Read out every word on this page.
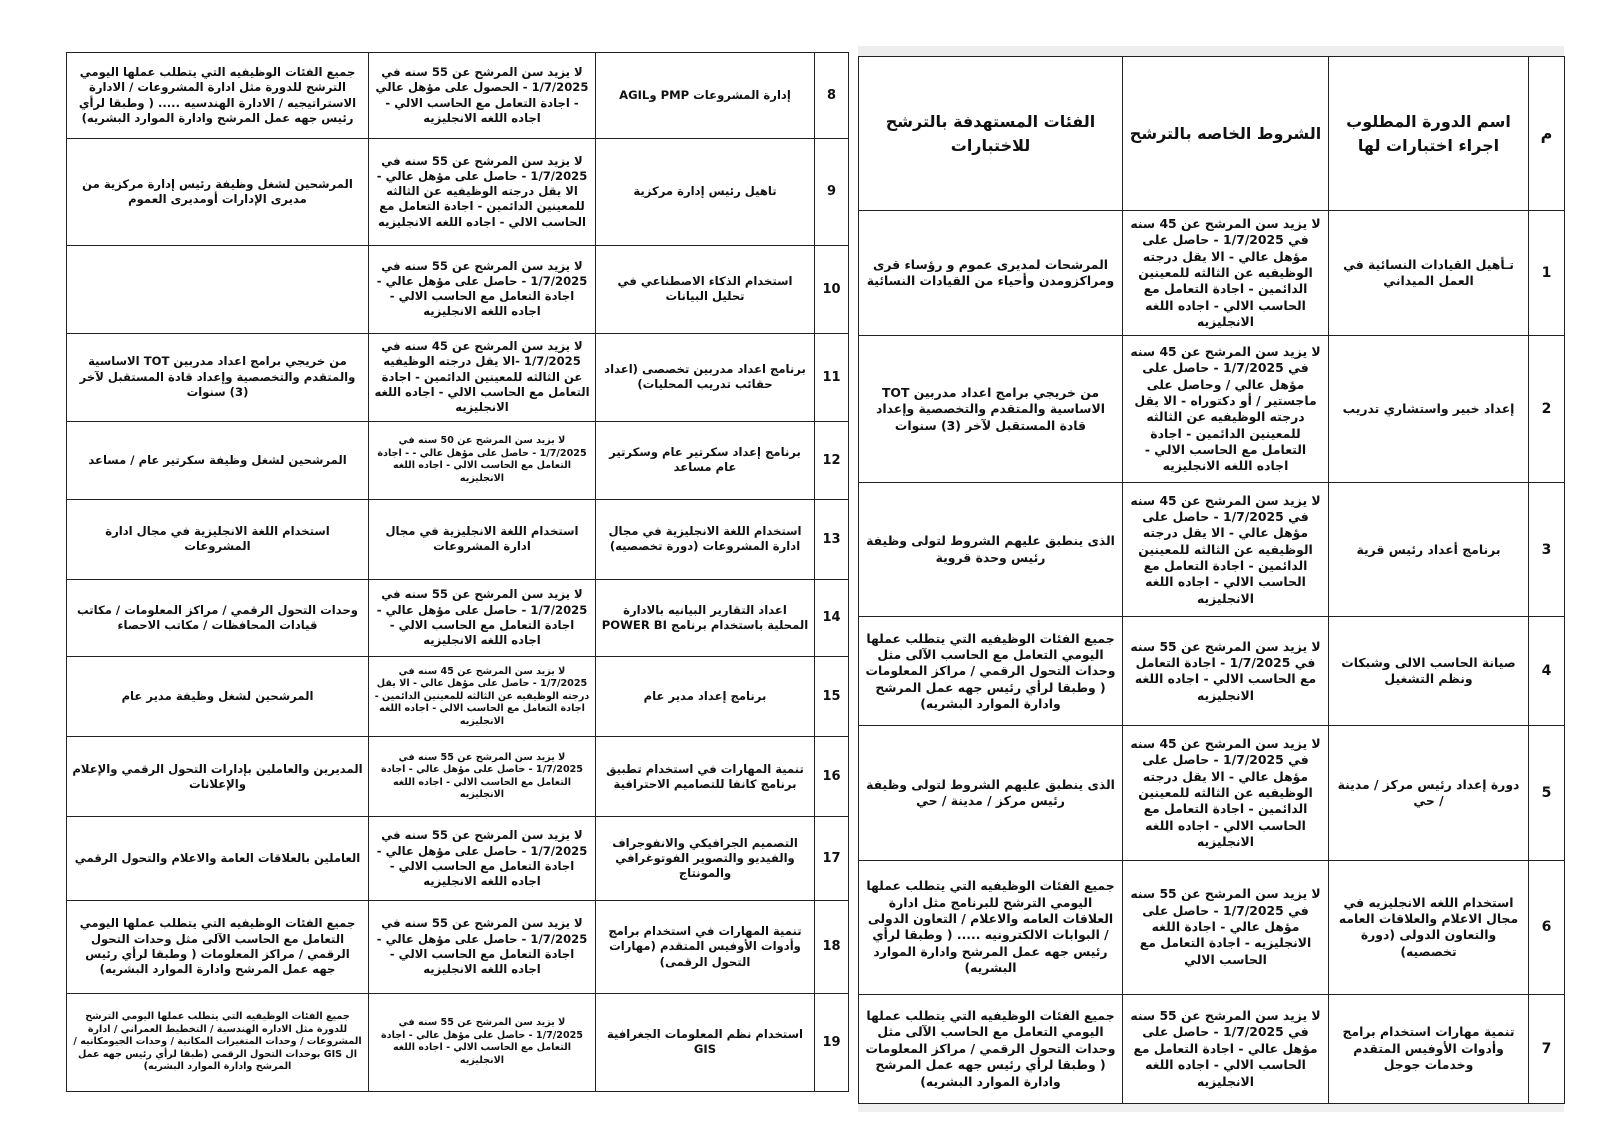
8	إدارة المشروعات PMP وAGIL	لا يزيد سن المرشح عن 55 سنه في 1/7/2025 - الحصول على مؤهل عالي - اجادة التعامل مع الحاسب الالي - اجاده اللغه الانجليزيه	جميع الفئات الوظيفيه التي يتطلب عملها اليومي الترشح للدورة مثل ادارة المشروعات / الادارة الاستراتيجيه / الادارة الهندسيه ..... ( وطبقا لرأي رئيس جهه عمل المرشح وادارة الموارد البشريه)
9	تاهيل رئيس إدارة مركزية	لا يزيد سن المرشح عن 55 سنه في 1/7/2025 - حاصل على مؤهل عالي - الا يقل درجته الوظيفيه عن الثالثه للمعينين الدائمين - اجادة التعامل مع الحاسب الالي - اجاده اللغه الانجليزيه	المرشحين لشغل وظيفة رئيس إدارة مركزية من مديرى الإدارات أومديرى العموم
10	استخدام الذكاء الاصطناعي في تحليل البيانات	لا يزيد سن المرشح عن 55 سنه في 1/7/2025 - حاصل على مؤهل عالي - اجادة التعامل مع الحاسب الالي - اجاده اللغه الانجليزيه	
11	برنامج اعداد مدربين تخصصى (اعداد حقائب تدريب المحليات)	لا يزيد سن المرشح عن 45 سنه في 1/7/2025 -الا يقل درجته الوظيفيه عن الثالثه للمعينين الدائمين - اجادة التعامل مع الحاسب الالي - اجاده اللغه الانجليزيه	من خريجي برامج اعداد مدربين TOT الاساسية والمتقدم والتخصصية وإعداد قادة المستقبل لآخر (3) سنوات
12	برنامج إعداد سكرتير عام وسكرتير عام مساعد	لا يزيد سن المرشح عن 50 سنه في 1/7/2025 - حاصل على مؤهل عالي - - اجادة التعامل مع الحاسب الالي - اجاده اللغه الانجليزيه	المرشحين لشغل وظيفة سكرتير عام / مساعد
13	استخدام اللغة الانجليزية في مجال ادارة المشروعات (دورة تخصصيه)	استخدام اللغة الانجليزية في مجال ادارة المشروعات	استخدام اللغة الانجليزية في مجال ادارة المشروعات
14	اعداد التقارير البيانيه بالادارة المحلية باستخدام برنامج POWER BI	لا يزيد سن المرشح عن 55 سنه في 1/7/2025 - حاصل على مؤهل عالي - اجادة التعامل مع الحاسب الالي - اجاده اللغه الانجليزيه	وحدات التحول الرقمي / مراكز المعلومات / مكاتب قيادات المحافظات / مكاتب الاحصاء
15	برنامج إعداد مدير عام	لا يزيد سن المرشح عن 45 سنه في 1/7/2025 - حاصل على مؤهل عالي - الا يقل درجته الوظيفيه عن الثالثه للمعينين الدائمين - اجادة التعامل مع الحاسب الالي - اجاده اللغه الانجليزيه	المرشحين لشغل وظيفة مدير عام
16	تنمية المهارات في استخدام تطبيق برنامج كانفا للتصاميم الاحترافية	لا يزيد سن المرشح عن 55 سنه في 1/7/2025 - حاصل على مؤهل عالي - اجادة التعامل مع الحاسب الالي - اجاده اللغه الانجليزيه	المديرين والعاملين بإدارات التحول الرقمي والإعلام والإعلانات
17	التصميم الجرافيكي والانفوجراف والفيديو والتصوير الفوتوغرافي والمونتاج	لا يزيد سن المرشح عن 55 سنه في 1/7/2025 - حاصل على مؤهل عالي - اجادة التعامل مع الحاسب الالي - اجاده اللغه الانجليزيه	العاملين بالعلاقات العامة والاعلام والتحول الرقمي
18	تنمية المهارات في استخدام برامج وأدوات الأوفيس المتقدم (مهارات التحول الرقمى)	لا يزيد سن المرشح عن 55 سنه في 1/7/2025 - حاصل على مؤهل عالي - اجادة التعامل مع الحاسب الالي - اجاده اللغه الانجليزيه	جميع الفئات الوظيفيه التي يتطلب عملها اليومي التعامل مع الحاسب الآلى مثل وحدات التحول الرقمي / مراكز المعلومات ( وطبقا لرأي رئيس جهه عمل المرشح وادارة الموارد البشريه)
19	استخدام نظم المعلومات الجغرافية GIS	لا يزيد سن المرشح عن 55 سنه في 1/7/2025 - حاصل على مؤهل عالي - اجادة التعامل مع الحاسب الالي - اجاده اللغه الانجليزيه	جميع الفئات الوظيفيه التي يتطلب عملها اليومي الترشح للدورة مثل الاداره الهندسية / التخطيط العمراني / ادارة المشروعات / وحدات المتغيرات المكانية / وحدات الجيومكانيه / ال GIS بوحدات التحول الرقمي (طبقا لرأي رئيس جهه عمل المرشح وادارة الموارد البشريه)
م	اسم الدورة المطلوب اجراء اختبارات لها	الشروط الخاصه بالترشح	الفئات المستهدفة بالترشح للاختبارات
1	تـأهيل القيادات النسائية في العمل الميداني	لا يزيد سن المرشح عن 45 سنه في 1/7/2025 - حاصل على مؤهل عالي - الا يقل درجته الوظيفيه عن الثالثه للمعينين الدائمين - اجادة التعامل مع الحاسب الالي - اجاده اللغه الانجليزيه	المرشحات لمديرى عموم و رؤساء قرى ومراكزومدن وأحياء من القيادات النسائية
2	إعداد خبير واستشاري تدريب	لا يزيد سن المرشح عن 45 سنه في 1/7/2025 - حاصل على مؤهل عالي / وحاصل على ماجستير / أو دكتوراه - الا يقل درجته الوظيفيه عن الثالثه للمعينين الدائمين - اجادة التعامل مع الحاسب الالي - اجاده اللغه الانجليزيه	من خريجي برامج اعداد مدربين TOT الاساسية والمتقدم والتخصصية وإعداد قادة المستقبل لآخر (3) سنوات
3	برنامج أعداد رئيس قرية	لا يزيد سن المرشح عن 45 سنه في 1/7/2025 - حاصل على مؤهل عالي - الا يقل درجته الوظيفيه عن الثالثه للمعينين الدائمين - اجادة التعامل مع الحاسب الالي - اجاده اللغه الانجليزيه	الذى ينطبق عليهم الشروط لتولى وظيفة رئيس وحدة قروية
4	صيانة الحاسب الالى وشبكات ونظم التشغيل	لا يزيد سن المرشح عن 55 سنه في 1/7/2025 - اجادة التعامل مع الحاسب الالي - اجاده اللغه الانجليزيه	جميع الفئات الوظيفيه التي يتطلب عملها اليومي التعامل مع الحاسب الآلى مثل وحدات التحول الرقمي / مراكز المعلومات ( وطبقا لرأي رئيس جهه عمل المرشح وادارة الموارد البشريه)
5	دورة إعداد رئيس مركز / مدينة / حي	لا يزيد سن المرشح عن 45 سنه في 1/7/2025 - حاصل على مؤهل عالي - الا يقل درجته الوظيفيه عن الثالثه للمعينين الدائمين - اجادة التعامل مع الحاسب الالي - اجاده اللغه الانجليزيه	الذى ينطبق عليهم الشروط لتولى وظيفة رئيس مركز / مدينة / حي
6	استخدام اللغه الانجليزيه في مجال الاعلام والعلاقات العامه والتعاون الدولى (دورة تخصصيه)	لا يزيد سن المرشح عن 55 سنه في 1/7/2025 - حاصل على مؤهل عالي - اجادة اللغه الانجليزيه - اجادة التعامل مع الحاسب الالي	جميع الفئات الوظيفيه التي يتطلب عملها اليومي الترشح للبرنامج مثل ادارة العلاقات العامه والاعلام / التعاون الدولى / البوابات الالكترونيه ..... ( وطبقا لرأي رئيس جهه عمل المرشح وادارة الموارد البشريه)
7	تنمية مهارات استخدام برامج وأدوات الأوفيس المتقدم وخدمات جوجل	لا يزيد سن المرشح عن 55 سنه في 1/7/2025 - حاصل على مؤهل عالي - اجادة التعامل مع الحاسب الالي - اجاده اللغه الانجليزيه	جميع الفئات الوظيفيه التي يتطلب عملها اليومي التعامل مع الحاسب الآلى مثل وحدات التحول الرقمي / مراكز المعلومات ( وطبقا لرأي رئيس جهه عمل المرشح وادارة الموارد البشريه)
